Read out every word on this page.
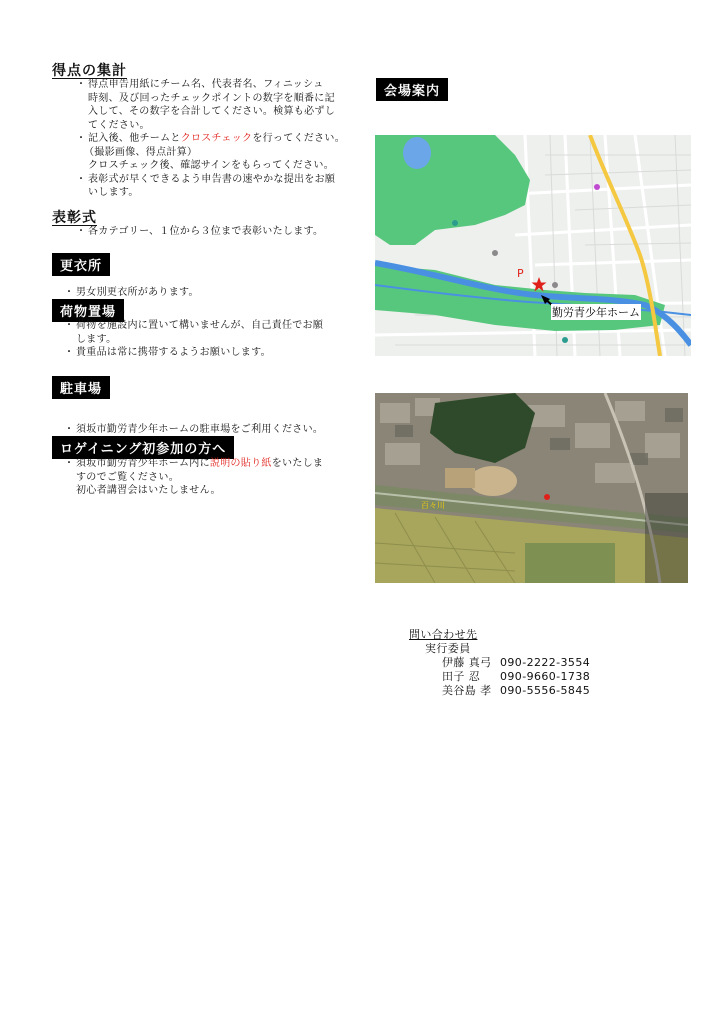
得点の集計
・ 得点申告用紙にチーム名、代表者名、フィニッシュ
時刻、及び回ったチェックポイントの数字を順番に記
入して、その数字を合計してください。検算も必ずし
てください。
・ 記入後、他チームとクロスチェックを行ってください。
（撮影画像、得点計算）
クロスチェック後、確認サインをもらってください。
・ 表彰式が早くできるよう申告書の速やかな提出をお願
いします。
表彰式
・ 各カテゴリー、１位から３位まで表彰いたします。
更衣所
・ 男女別更衣所があります。
荷物置場
・ 荷物を施設内に置いて構いませんが、自己責任でお願
します。
・ 貴重品は常に携帯するようお願いします。
駐車場
・ 須坂市勤労青少年ホームの駐車場をご利用ください。
ロゲイニング初参加の方へ
・ 須坂市勤労青少年ホーム内に説明の貼り紙をいたしま
すのでご覧ください。
初心者講習会はいたしません。
会場案内
P
勤労青少年ホーム
百々川
問い合わせ先
実行委員
伊藤 真弓 090-2222-3554
田子 忍	090-9660-1738
美谷島 孝 090-5556-5845
